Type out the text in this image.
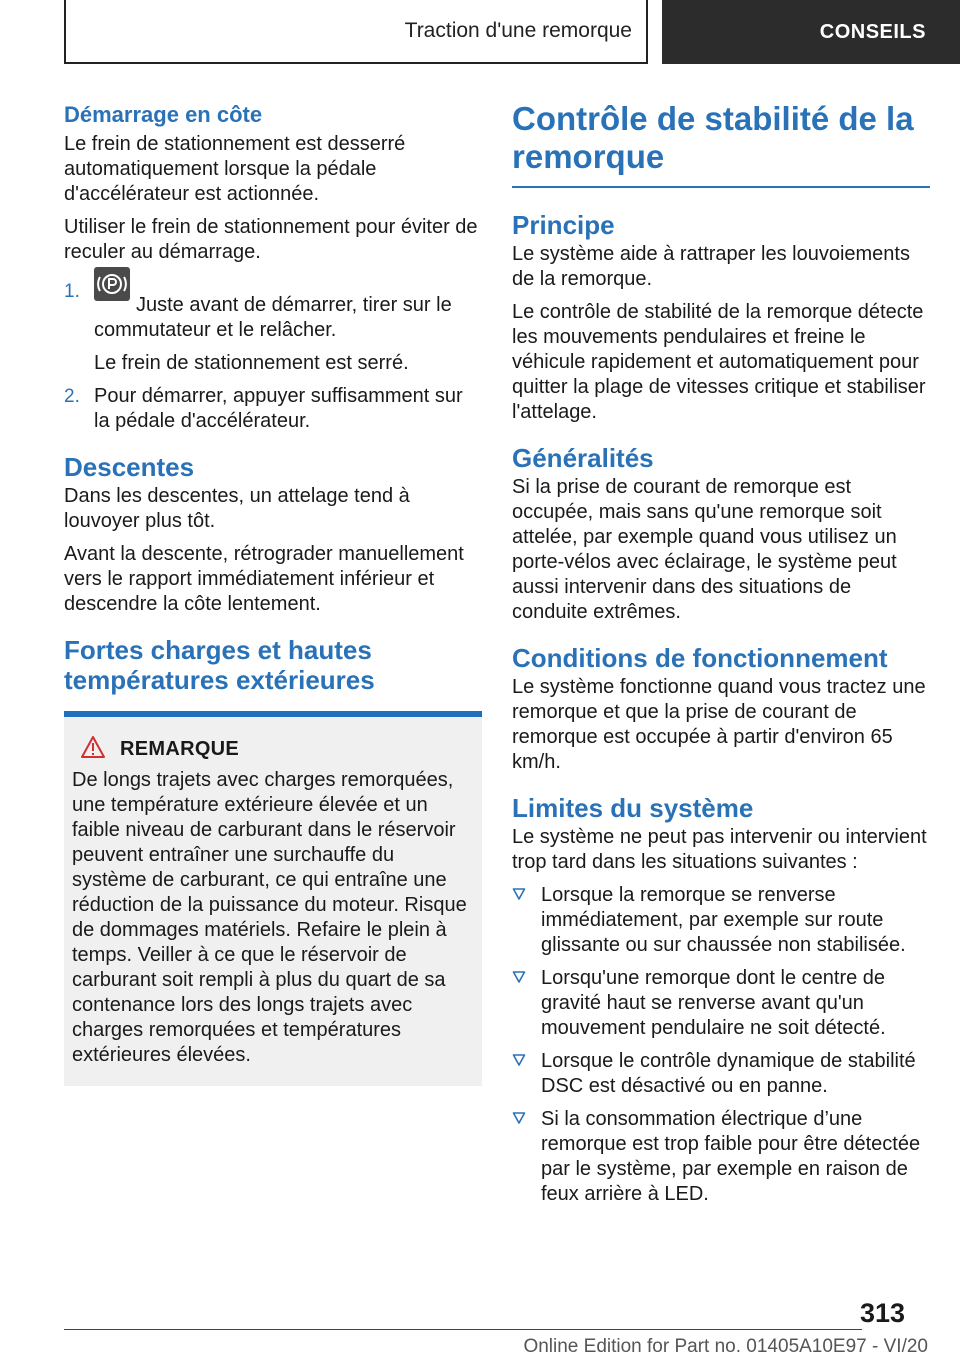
Traction d'une remorque	CONSEILS
Démarrage en côte

Le frein de stationnement est desserré automatiquement lorsque la pédale d'accélérateur est actionnée.

Utiliser le frein de stationnement pour éviter de reculer au démarrage.

1.

Juste avant de démarrer, tirer sur le commutateur et le relâcher.

Le frein de stationnement est serré.

2. Pour démarrer, appuyer suffisamment sur la pédale d'accélérateur.

Descentes

Dans les descentes, un attelage tend à louvoyer plus tôt.

Avant la descente, rétrograder manuellement vers le rapport immédiatement inférieur et descendre la côte lentement.

Fortes charges et hautes températures extérieures
REMARQUE

De longs trajets avec charges remorquées, une température extérieure élevée et un faible niveau de carburant dans le réservoir peuvent entraîner une surchauffe du système de carburant, ce qui entraîne une réduction de la puissance du moteur. Risque de dommages matériels. Refaire le plein à temps. Veiller à ce que le réservoir de carburant soit rempli à plus du quart de sa contenance lors des longs trajets avec charges remorquées et températures extérieures élevées.

Contrôle de stabilité de la remorque
Principe

Le système aide à rattraper les louvoiements de la remorque.

Le contrôle de stabilité de la remorque détecte les mouvements pendulaires et freine le véhicule rapidement et automatiquement pour quitter la plage de vitesses critique et stabiliser l'attelage.

Généralités

Si la prise de courant de remorque est occupée, mais sans qu'une remorque soit attelée, par exemple quand vous utilisez un porte-vélos avec éclairage, le système peut aussi intervenir dans des situations de conduite extrêmes.

Conditions de fonctionnement

Le système fonctionne quand vous tractez une remorque et que la prise de courant de remorque est occupée à partir d'environ 65 km/h.

Limites du système

Le système ne peut pas intervenir ou intervient trop tard dans les situations suivantes :

Lorsque la remorque se renverse immédiatement, par exemple sur route glissante ou sur chaussée non stabilisée.

Lorsqu'une remorque dont le centre de gravité haut se renverse avant qu'un mouvement pendulaire ne soit détecté.

Lorsque le contrôle dynamique de stabilité DSC est désactivé ou en panne.

Si la consommation électrique d’une remorque est trop faible pour être détectée par le système, par exemple en raison de feux arrière à LED.

313
Online Edition for Part no. 01405A10E97 - VI/20
